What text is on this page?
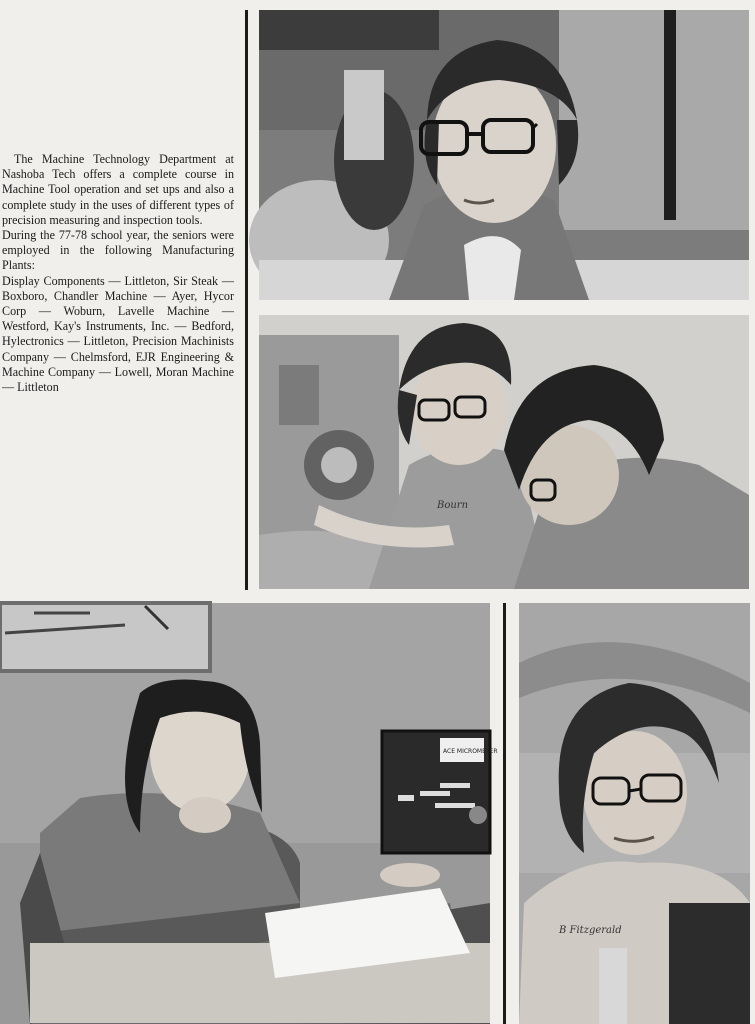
The Machine Technology Department at Nashoba Tech offers a complete course in Machine Tool operation and set ups and also a complete study in the uses of different types of precision measuring and inspection tools.

During the 77-78 school year, the seniors were employed in the following Manufacturing Plants:

Display Components — Littleton, Sir Steak — Boxboro, Chandler Machine — Ayer, Hycor Corp — Woburn, Lavelle Machine — Westford, Kay's Instruments, Inc. — Bedford, Hylectronics — Littleton, Precision Machinists Company — Chelmsford, EJR Engineering & Machine Company — Lowell, Moran Machine — Littleton

Bourn
ACE MICROMETER
B Fitzgerald
